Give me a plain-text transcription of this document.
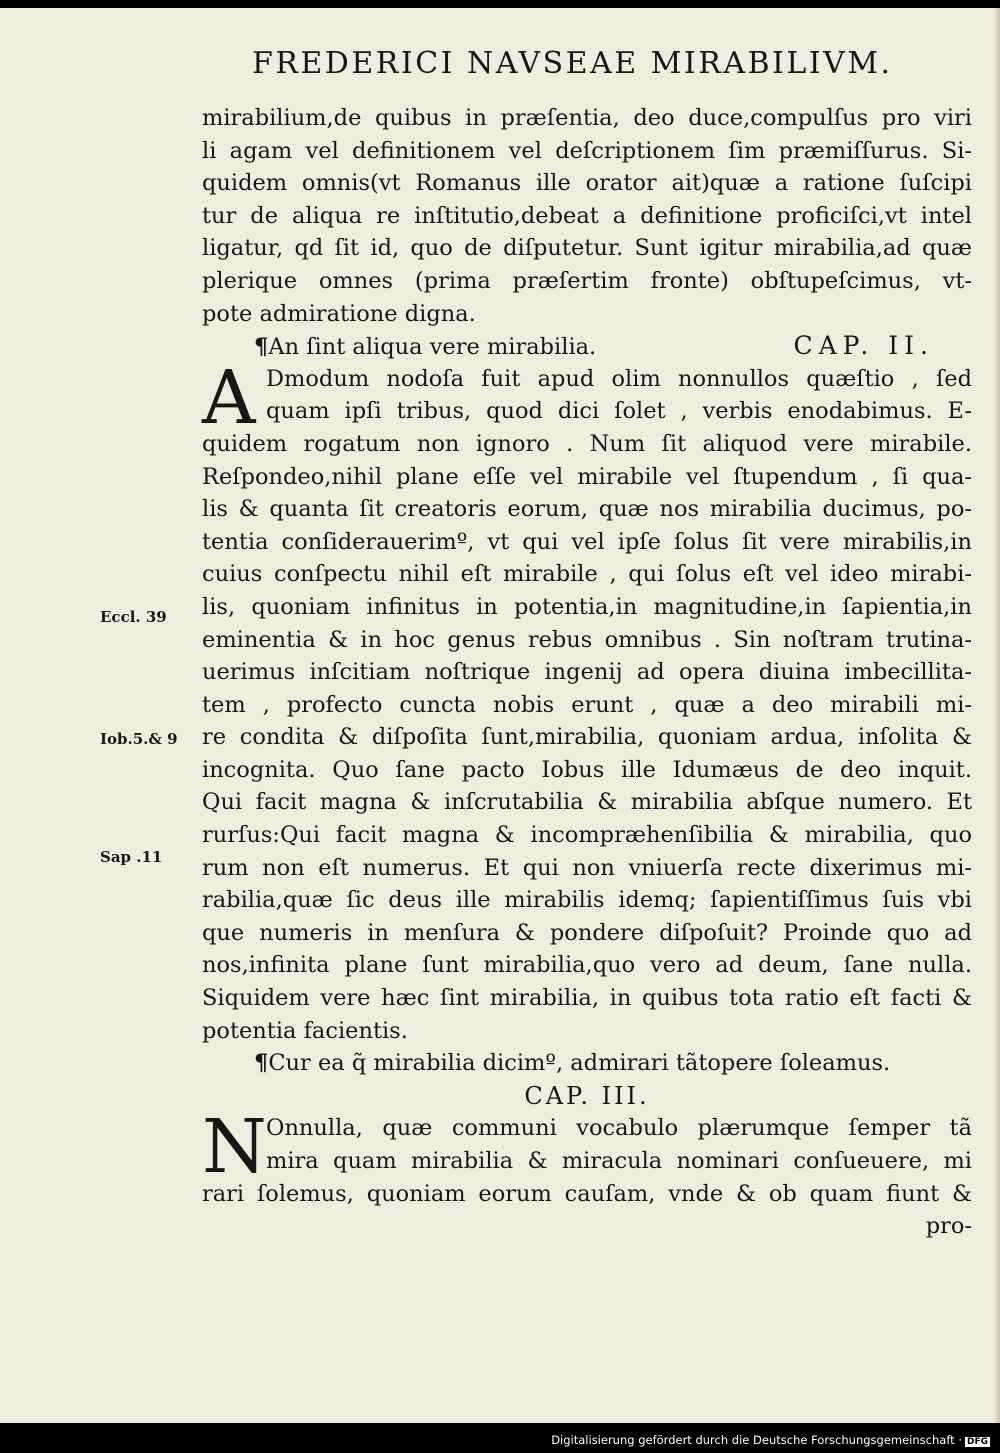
FREDERICI NAVSEAE MIRABILIVM.
mirabilium,de quibus in præſentia, deo duce,compulſus pro viri
li agam vel definitionem vel deſcriptionem ſim præmiſſurus. Si-
quidem omnis(vt Romanus ille orator ait)quæ a ratione ſuſcipi
tur de aliqua re inſtitutio,debeat a definitione proficiſci,vt intel
ligatur, qd ſit id, quo de diſputetur. Sunt igitur mirabilia,ad quæ
plerique omnes (prima præſertim fronte) obſtupeſcimus, vt-
pote admiratione digna.
¶An ſint aliqua vere mirabilia.	CAP. II.
A Dmodum nodoſa fuit apud olim nonnullos quæſtio , ſed
quam ipſi tribus, quod dici ſolet , verbis enodabimus. E-
quidem rogatum non ignoro . Num ſit aliquod vere mirabile.
Reſpondeo,nihil plane eſſe vel mirabile vel ſtupendum , ſi qua-
lis & quanta ſit creatoris eorum, quæ nos mirabilia ducimus, po-
tentia conſiderauerimº, vt qui vel ipſe ſolus ſit vere mirabilis,in
cuius conſpectu nihil eſt mirabile , qui ſolus eſt vel ideo mirabi-
lis, quoniam infinitus in potentia,in magnitudine,in ſapientia,in
eminentia & in hoc genus rebus omnibus . Sin noſtram trutina-
uerimus inſcitiam noſtrique ingenij ad opera diuina imbecillita-
tem , profecto cuncta nobis erunt , quæ a deo mirabili mi-
re condita & diſpoſita ſunt,mirabilia, quoniam ardua, inſolita &
incognita. Quo ſane pacto Iobus ille Idumæus de deo inquit.
Qui facit magna & inſcrutabilia & mirabilia abſque numero. Et
rurſus:Qui facit magna & incompræhenſibilia & mirabilia, quo
rum non eſt numerus. Et qui non vniuerſa recte dixerimus mi-
rabilia,quæ ſic deus ille mirabilis idemq; ſapientiſſimus ſuis vbi
que numeris in menſura & pondere diſpoſuit? Proinde quo ad
nos,infinita plane ſunt mirabilia,quo vero ad deum, ſane nulla.
Siquidem vere hæc ſint mirabilia, in quibus tota ratio eſt facti &
potentia facientis.
¶Cur ea q̃ mirabilia dicimº, admirari tãtopere ſoleamus.
CAP. III.
N Onnulla, quæ communi vocabulo plærumque ſemper tã
mira quam mirabilia & miracula nominari conſueuere, mi
rari ſolemus, quoniam eorum cauſam, vnde & ob quam fiunt &
pro-
Eccl. 39
Iob.5.& 9
Sap .11
Digitalisierung gefördert durch die Deutsche Forschungsgemeinschaft · DFG
